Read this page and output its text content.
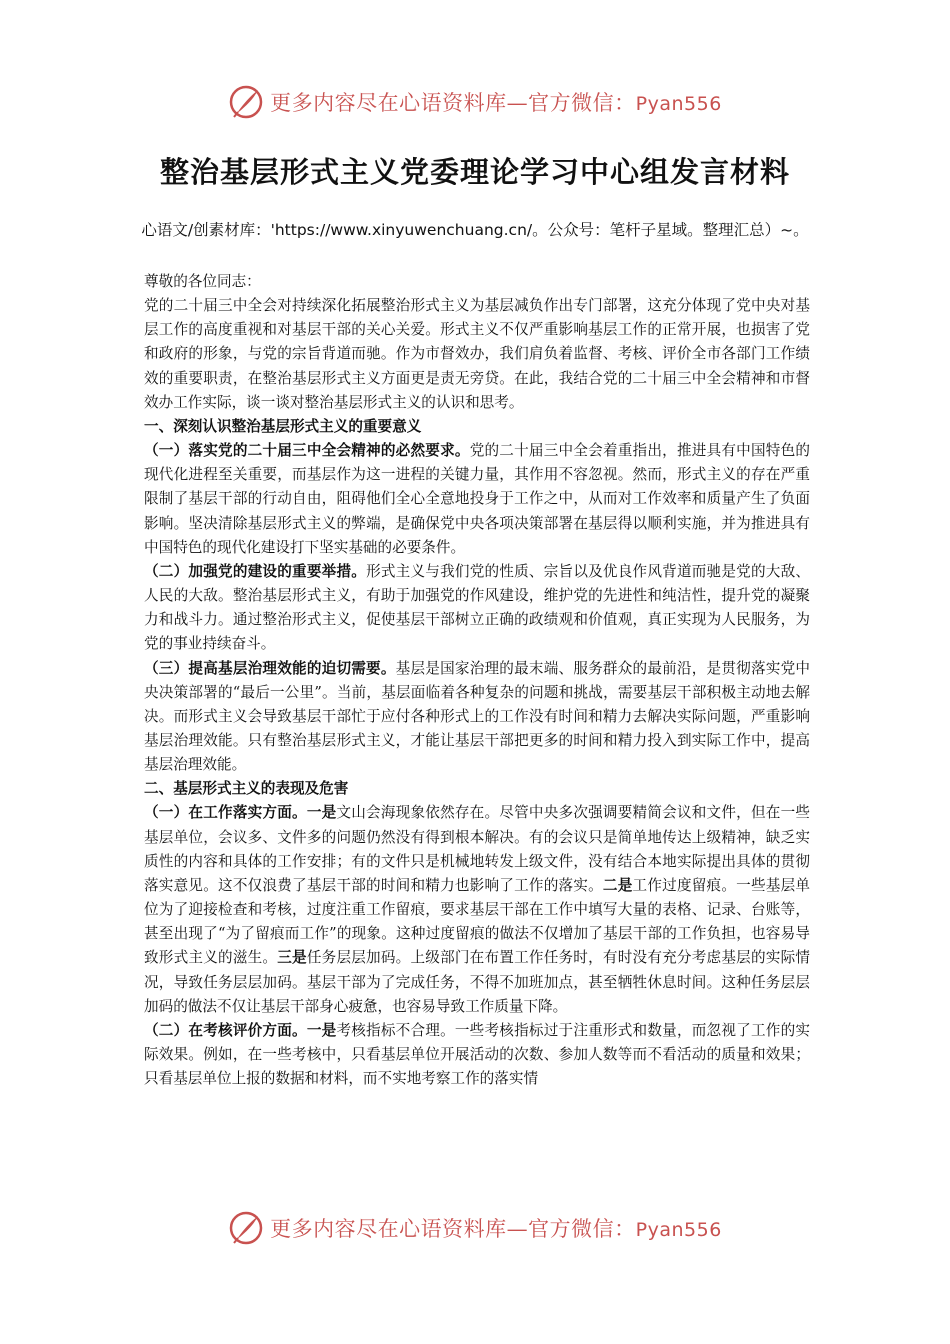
更多内容尽在心语资料库—官方微信：Pyan556
整治基层形式主义党委理论学习中心组发言材料
心语文/创素材库：'https://www.xinyuwenchuang.cn/。公众号：笔杆子星域。整理汇总）~。

尊敬的各位同志：

党的二十届三中全会对持续深化拓展整治形式主义为基层减负作出专门部署，这充分体现了党中央对基层工作的高度重视和对基层干部的关心关爱。形式主义不仅严重影响基层工作的正常开展，也损害了党和政府的形象，与党的宗旨背道而驰。作为市督效办，我们肩负着监督、考核、评价全市各部门工作绩效的重要职责，在整治基层形式主义方面更是责无旁贷。在此，我结合党的二十届三中全会精神和市督效办工作实际，谈一谈对整治基层形式主义的认识和思考。

一、深刻认识整治基层形式主义的重要意义

（一）落实党的二十届三中全会精神的必然要求。党的二十届三中全会着重指出，推进具有中国特色的现代化进程至关重要，而基层作为这一进程的关键力量，其作用不容忽视。然而，形式主义的存在严重限制了基层干部的行动自由，阻碍他们全心全意地投身于工作之中，从而对工作效率和质量产生了负面影响。坚决清除基层形式主义的弊端，是确保党中央各项决策部署在基层得以顺利实施，并为推进具有中国特色的现代化建设打下坚实基础的必要条件。

（二）加强党的建设的重要举措。形式主义与我们党的性质、宗旨以及优良作风背道而驰是党的大敌、人民的大敌。整治基层形式主义，有助于加强党的作风建设，维护党的先进性和纯洁性，提升党的凝聚力和战斗力。通过整治形式主义，促使基层干部树立正确的政绩观和价值观，真正实现为人民服务，为党的事业持续奋斗。

（三）提高基层治理效能的迫切需要。基层是国家治理的最末端、服务群众的最前沿，是贯彻落实党中央决策部署的“最后一公里”。当前，基层面临着各种复杂的问题和挑战，需要基层干部积极主动地去解决。而形式主义会导致基层干部忙于应付各种形式上的工作没有时间和精力去解决实际问题，严重影响基层治理效能。只有整治基层形式主义，才能让基层干部把更多的时间和精力投入到实际工作中，提高基层治理效能。

二、基层形式主义的表现及危害

（一）在工作落实方面。一是文山会海现象依然存在。尽管中央多次强调要精简会议和文件，但在一些基层单位，会议多、文件多的问题仍然没有得到根本解决。有的会议只是简单地传达上级精神，缺乏实质性的内容和具体的工作安排；有的文件只是机械地转发上级文件，没有结合本地实际提出具体的贯彻落实意见。这不仅浪费了基层干部的时间和精力也影响了工作的落实。二是工作过度留痕。一些基层单位为了迎接检查和考核，过度注重工作留痕，要求基层干部在工作中填写大量的表格、记录、台账等，甚至出现了“为了留痕而工作”的现象。这种过度留痕的做法不仅增加了基层干部的工作负担，也容易导致形式主义的滋生。三是任务层层加码。上级部门在布置工作任务时，有时没有充分考虑基层的实际情况，导致任务层层加码。基层干部为了完成任务，不得不加班加点，甚至牺牲休息时间。这种任务层层加码的做法不仅让基层干部身心疲惫，也容易导致工作质量下降。

（二）在考核评价方面。一是考核指标不合理。一些考核指标过于注重形式和数量，而忽视了工作的实际效果。例如，在一些考核中，只看基层单位开展活动的次数、参加人数等而不看活动的质量和效果；只看基层单位上报的数据和材料，而不实地考察工作的落实情

更多内容尽在心语资料库—官方微信：Pyan556
